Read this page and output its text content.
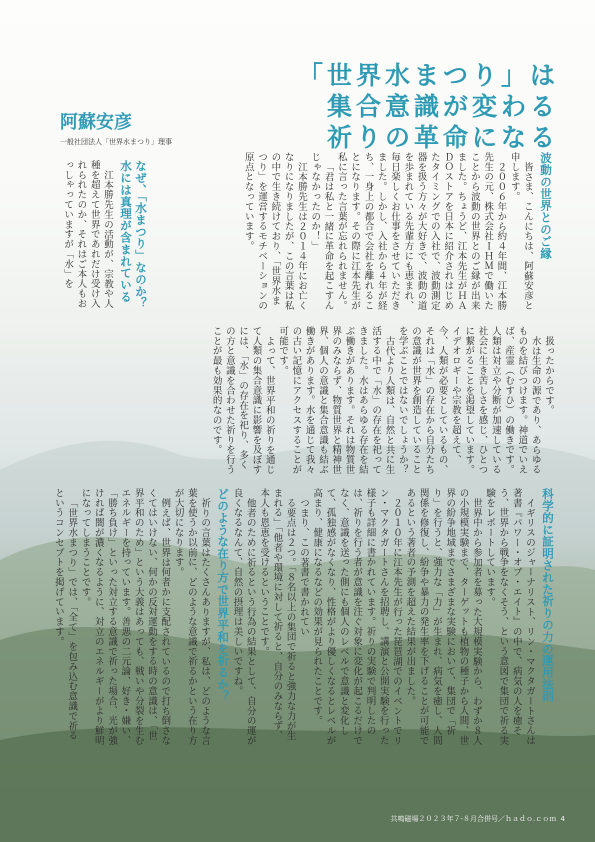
「世界水まつり」は
集合意識が変わる
祈りの革命になる
阿蘇安彦
一般社団法人「世界水まつり」理事

波動の世界とのご縁

皆さま、こんにちは、阿蘇安彦と申します。

２００６年から約４年間、江本勝先生の元、株式会社ＩＨＭで働いたことから波動の世界とのご縁が出来ました。ちょうど、江本先生がＨＡＤＯストアを日本に紹介されはじめたタイミングでの入社で、波動測定器を扱う方々が大好きで、波動の道を歩まれている先輩方にも恵まれ、毎日楽しくお仕事をさせていただきました。しかし、入社から４年が経ち、一身上の都合で会社を離れることになります。その際に江本先生が私に言った言葉が忘れられません。

「君は私と一緒に革命を起こすんじゃなかったのか！」

江本勝先生は２０１４年にお亡くなりになりましたが、この言葉は私の中で生き続けており、「世界水まつり」を運営するモチベーションの原点となっています。

なぜ、「水まつり」なのか？水には真理が含まれている

江本勝先生の活動が、宗教や人種を超えて世界であれだけ受け入れられたのか、それはご本人もおっしゃっていますが「水」を

扱ったからです。

水は生命の源であり、あらゆるものを結びつけます。神道でいえば、産霊（むすひ）の働きです。人類は対立や分断が加速している社会に生き苦しさを感じ、ひとつに繋がることを渇望しています。イデオロギーや宗教を超えて、今、人類が必要としているもの、それは「水」の存在から自分たちの意識が世界を創造していることを学ぶことではないでしょうか？

古代より人類は、自然と共に生活する中で「水」の存在を祀ってきました。水はあらゆる存在を結ぶ働きがあります。それは物質世界のみならず、物質世界と精神世界、個人の意識と集合意識も結ぶ働きがあります。水を通じて我々の古い記憶にアクセスすることが可能です。

よって、世界平和の祈りを通じて人類の集合意識に影響を及ぼすには、「水」の存在を祀り、多くの方と意識を合わせた祈りを行うことが最も効果的なのです。

科学的に証明された祈りの力の運用法則

イギリスのジャーナリスト、リン・マクタガートさんは著書『パワー・オブ・エイト』の中で、病気の人を癒そう、世界から戦争をなくそう、という意図で集団で祈る実験をレポートしています。

世界中から参加者を募った大規模実験から、わずか８人の小規模実験まで、ターゲットも植物の種子から人間、世界の紛争地域までさまざまな実験において、集団で「祈り」を行うと、強力な「力」が生まれ、病気を癒し、人間関係を修復し、紛争や暴力の発生率を下げることが可能であるという著者の予測を超えた結果が出ました。

２０１０年に江本先生が行った琵琶湖でのイベントでリン・マクタガートさんを招聘し、講演と公開実験を行った様子も詳細に書かれています。祈りの実験で判明したのは、祈りを行う者が意識を注ぐ対象に変化が起こるだけでなく、意識を送った側にも個人のレベルで意識と変化して、孤独感がなくなり、性格がより優しくなるとレベルが高まり、健康になるなどの効果が見られたことです。

つまり、この著書で書かれてい

る要点は２つ。「８名以上の集団で祈ると強力な力が生まれる」「他者や環境に対して祈ると、自分のみならず、本人も恩恵を受けるということです。

他者のために祈るという行為の結果として、自分の運が良くなるなんて、自然の摂理は美しいですね。

どのような在り方で世界平和を祈るか？

祈りの言葉はたくさんありますが、私は、どのような言葉を使うか以前に、どのような意識で祈るかという在り方が大切になります。

例えば、世界は何者かに支配されているので打ち倒さなくてはいけない、何かの反対運動をする時の意識は、「世界平和のため」という大義はあっても、戦いや分裂を生むエネルギーを持っています。善悪の二元論、好き・嫌い、「勝ち負け」といった対立する意識で祈った場合、光が強ければ闇が濃くなるように、対立のエネルギーがより鮮明になってしまうことです。

「世界水まつり」では、「全て」を包み込む意識で祈るというコンセプトを掲げています。

共鳴磁場２０２３年７‐８月合併号／ｈａｄｏ.ｃｏｍ 4
